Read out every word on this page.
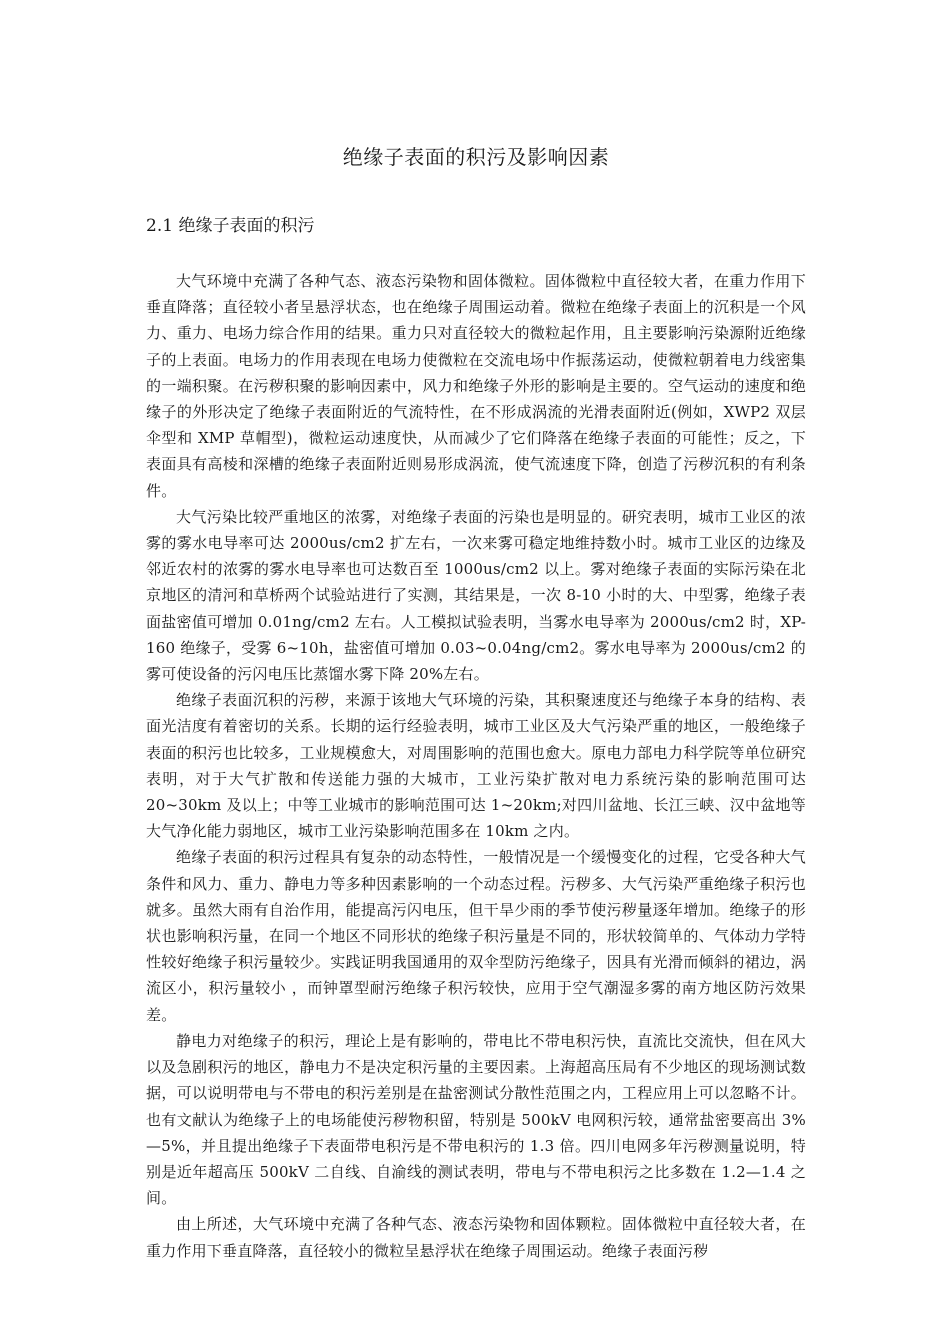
绝缘子表面的积污及影响因素
2.1 绝缘子表面的积污

大气环境中充满了各种气态、液态污染物和固体微粒。固体微粒中直径较大者，在重力作用下垂直降落；直径较小者呈悬浮状态，也在绝缘子周围运动着。微粒在绝缘子表面上的沉积是一个风力、重力、电场力综合作用的结果。重力只对直径较大的微粒起作用，且主要影响污染源附近绝缘子的上表面。电场力的作用表现在电场力使微粒在交流电场中作振荡运动，使微粒朝着电力线密集的一端积聚。在污秽积聚的影响因素中，风力和绝缘子外形的影响是主要的。空气运动的速度和绝缘子的外形决定了绝缘子表面附近的气流特性，在不形成涡流的光滑表面附近(例如，XWP2 双层伞型和 XMP 草帽型)，微粒运动速度快，从而减少了它们降落在绝缘子表面的可能性；反之，下表面具有高棱和深槽的绝缘子表面附近则易形成涡流，使气流速度下降，创造了污秽沉积的有利条件。

大气污染比较严重地区的浓雾，对绝缘子表面的污染也是明显的。研究表明，城市工业区的浓雾的雾水电导率可达 2000us/cm2 扩左右，一次来雾可稳定地维持数小时。城市工业区的边缘及邻近农村的浓雾的雾水电导率也可达数百至 1000us/cm2 以上。雾对绝缘子表面的实际污染在北京地区的清河和草桥两个试验站进行了实测，其结果是，一次 8-10 小时的大、中型雾，绝缘子表面盐密值可增加 0.01ng/cm2 左右。人工模拟试验表明，当雾水电导率为 2000us/cm2 时，XP-160 绝缘子，受雾 6~10h，盐密值可增加 0.03~0.04ng/cm2。雾水电导率为 2000us/cm2 的雾可使设备的污闪电压比蒸馏水雾下降 20%左右。

绝缘子表面沉积的污秽，来源于该地大气环境的污染，其积聚速度还与绝缘子本身的结构、表面光洁度有着密切的关系。长期的运行经验表明，城市工业区及大气污染严重的地区，一般绝缘子表面的积污也比较多，工业规模愈大，对周围影响的范围也愈大。原电力部电力科学院等单位研究表明，对于大气扩散和传送能力强的大城市，工业污染扩散对电力系统污染的影响范围可达 20~30km 及以上；中等工业城市的影响范围可达 1~20km;对四川盆地、长江三峡、汉中盆地等大气净化能力弱地区，城市工业污染影响范围多在 10km 之内。

绝缘子表面的积污过程具有复杂的动态特性，一般情况是一个缓慢变化的过程，它受各种大气条件和风力、重力、静电力等多种因素影响的一个动态过程。污秽多、大气污染严重绝缘子积污也就多。虽然大雨有自治作用，能提高污闪电压，但干旱少雨的季节使污秽量逐年增加。绝缘子的形状也影响积污量，在同一个地区不同形状的绝缘子积污量是不同的，形状较简单的、气体动力学特性较好绝缘子积污量较少。实践证明我国通用的双伞型防污绝缘子，因具有光滑而倾斜的裙边，涡流区小，积污量较小 ，而钟罩型耐污绝缘子积污较快，应用于空气潮湿多雾的南方地区防污效果差。

静电力对绝缘子的积污，理论上是有影响的，带电比不带电积污快，直流比交流快，但在风大以及急剧积污的地区，静电力不是决定积污量的主要因素。上海超高压局有不少地区的现场测试数据，可以说明带电与不带电的积污差别是在盐密测试分散性范围之内，工程应用上可以忽略不计。也有文献认为绝缘子上的电场能使污秽物积留，特别是 500kV 电网积污较，通常盐密要高出 3%—5%，并且提出绝缘子下表面带电积污是不带电积污的 1.3 倍。四川电网多年污秽测量说明，特别是近年超高压 500kV 二自线、自渝线的测试表明，带电与不带电积污之比多数在 1.2—1.4 之间。

由上所述，大气环境中充满了各种气态、液态污染物和固体颗粒。固体微粒中直径较大者，在重力作用下垂直降落，直径较小的微粒呈悬浮状在绝缘子周围运动。绝缘子表面污秽
